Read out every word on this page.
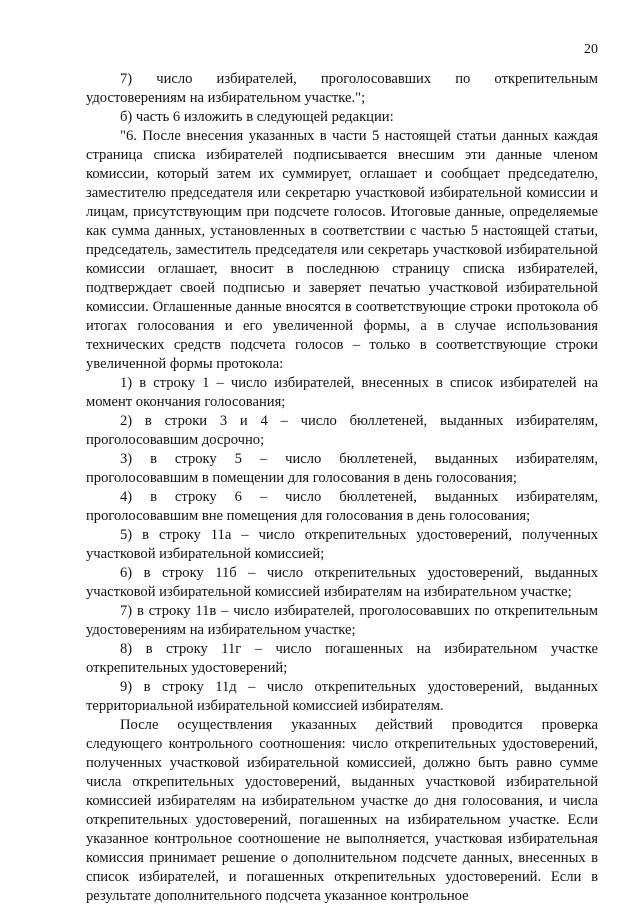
20

7) число избирателей, проголосовавших по открепительным удостоверениям на избирательном участке.";

б) часть 6 изложить в следующей редакции:

"6. После внесения указанных в части 5 настоящей статьи данных каждая страница списка избирателей подписывается внесшим эти данные членом комиссии, который затем их суммирует, оглашает и сообщает председателю, заместителю председателя или секретарю участковой избирательной комиссии и лицам, присутствующим при подсчете голосов. Итоговые данные, определяемые как сумма данных, установленных в соответствии с частью 5 настоящей статьи, председатель, заместитель председателя или секретарь участковой избирательной комиссии оглашает, вносит в последнюю страницу списка избирателей, подтверждает своей подписью и заверяет печатью участковой избирательной комиссии. Оглашенные данные вносятся в соответствующие строки протокола об итогах голосования и его увеличенной формы, а в случае использования технических средств подсчета голосов – только в соответствующие строки увеличенной формы протокола:

1) в строку 1 – число избирателей, внесенных в список избирателей на момент окончания голосования;

2) в строки 3 и 4 – число бюллетеней, выданных избирателям, проголосовавшим досрочно;

3) в строку 5 – число бюллетеней, выданных избирателям, проголосовавшим в помещении для голосования в день голосования;

4) в строку 6 – число бюллетеней, выданных избирателям, проголосовавшим вне помещения для голосования в день голосования;

5) в строку 11а – число открепительных удостоверений, полученных участковой избирательной комиссией;

6) в строку 11б – число открепительных удостоверений, выданных участковой избирательной комиссией избирателям на избирательном участке;

7) в строку 11в – число избирателей, проголосовавших по открепительным удостоверениям на избирательном участке;

8) в строку 11г – число погашенных на избирательном участке открепительных удостоверений;

9) в строку 11д – число открепительных удостоверений, выданных территориальной избирательной комиссией избирателям.

После осуществления указанных действий проводится проверка следующего контрольного соотношения: число открепительных удостоверений, полученных участковой избирательной комиссией, должно быть равно сумме числа открепительных удостоверений, выданных участковой избирательной комиссией избирателям на избирательном участке до дня голосования, и числа открепительных удостоверений, погашенных на избирательном участке. Если указанное контрольное соотношение не выполняется, участковая избирательная комиссия принимает решение о дополнительном подсчете данных, внесенных в список избирателей, и погашенных открепительных удостоверений. Если в результате дополнительного подсчета указанное контрольное
